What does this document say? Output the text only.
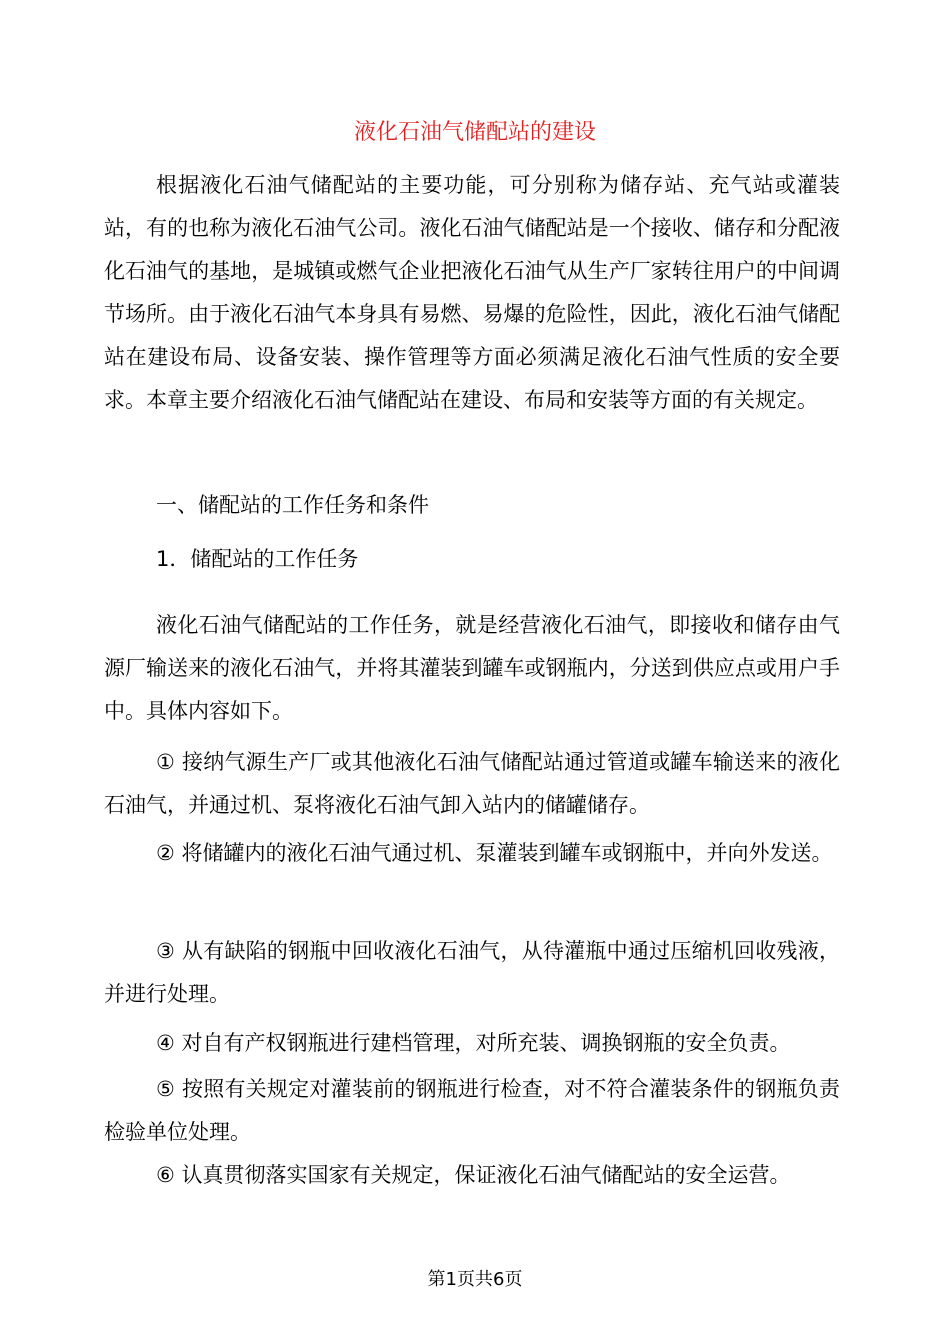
液化石油气储配站的建设

根据液化石油气储配站的主要功能，可分别称为储存站、充气站或灌装站，有的也称为液化石油气公司。液化石油气储配站是一个接收、储存和分配液化石油气的基地，是城镇或燃气企业把液化石油气从生产厂家转往用户的中间调节场所。由于液化石油气本身具有易燃、易爆的危险性，因此，液化石油气储配站在建设布局、设备安装、操作管理等方面必须满足液化石油气性质的安全要求。本章主要介绍液化石油气储配站在建设、布局和安装等方面的有关规定。

一、储配站的工作任务和条件

1．储配站的工作任务

液化石油气储配站的工作任务，就是经营液化石油气，即接收和储存由气源厂输送来的液化石油气，并将其灌装到罐车或钢瓶内，分送到供应点或用户手中。具体内容如下。

① 接纳气源生产厂或其他液化石油气储配站通过管道或罐车输送来的液化石油气，并通过机、泵将液化石油气卸入站内的储罐储存。

② 将储罐内的液化石油气通过机、泵灌装到罐车或钢瓶中，并向外发送。

③ 从有缺陷的钢瓶中回收液化石油气，从待灌瓶中通过压缩机回收残液，并进行处理。

④ 对自有产权钢瓶进行建档管理，对所充装、调换钢瓶的安全负责。

⑤ 按照有关规定对灌装前的钢瓶进行检查，对不符合灌装条件的钢瓶负责检验单位处理。

⑥ 认真贯彻落实国家有关规定，保证液化石油气储配站的安全运营。

第1页共6页
